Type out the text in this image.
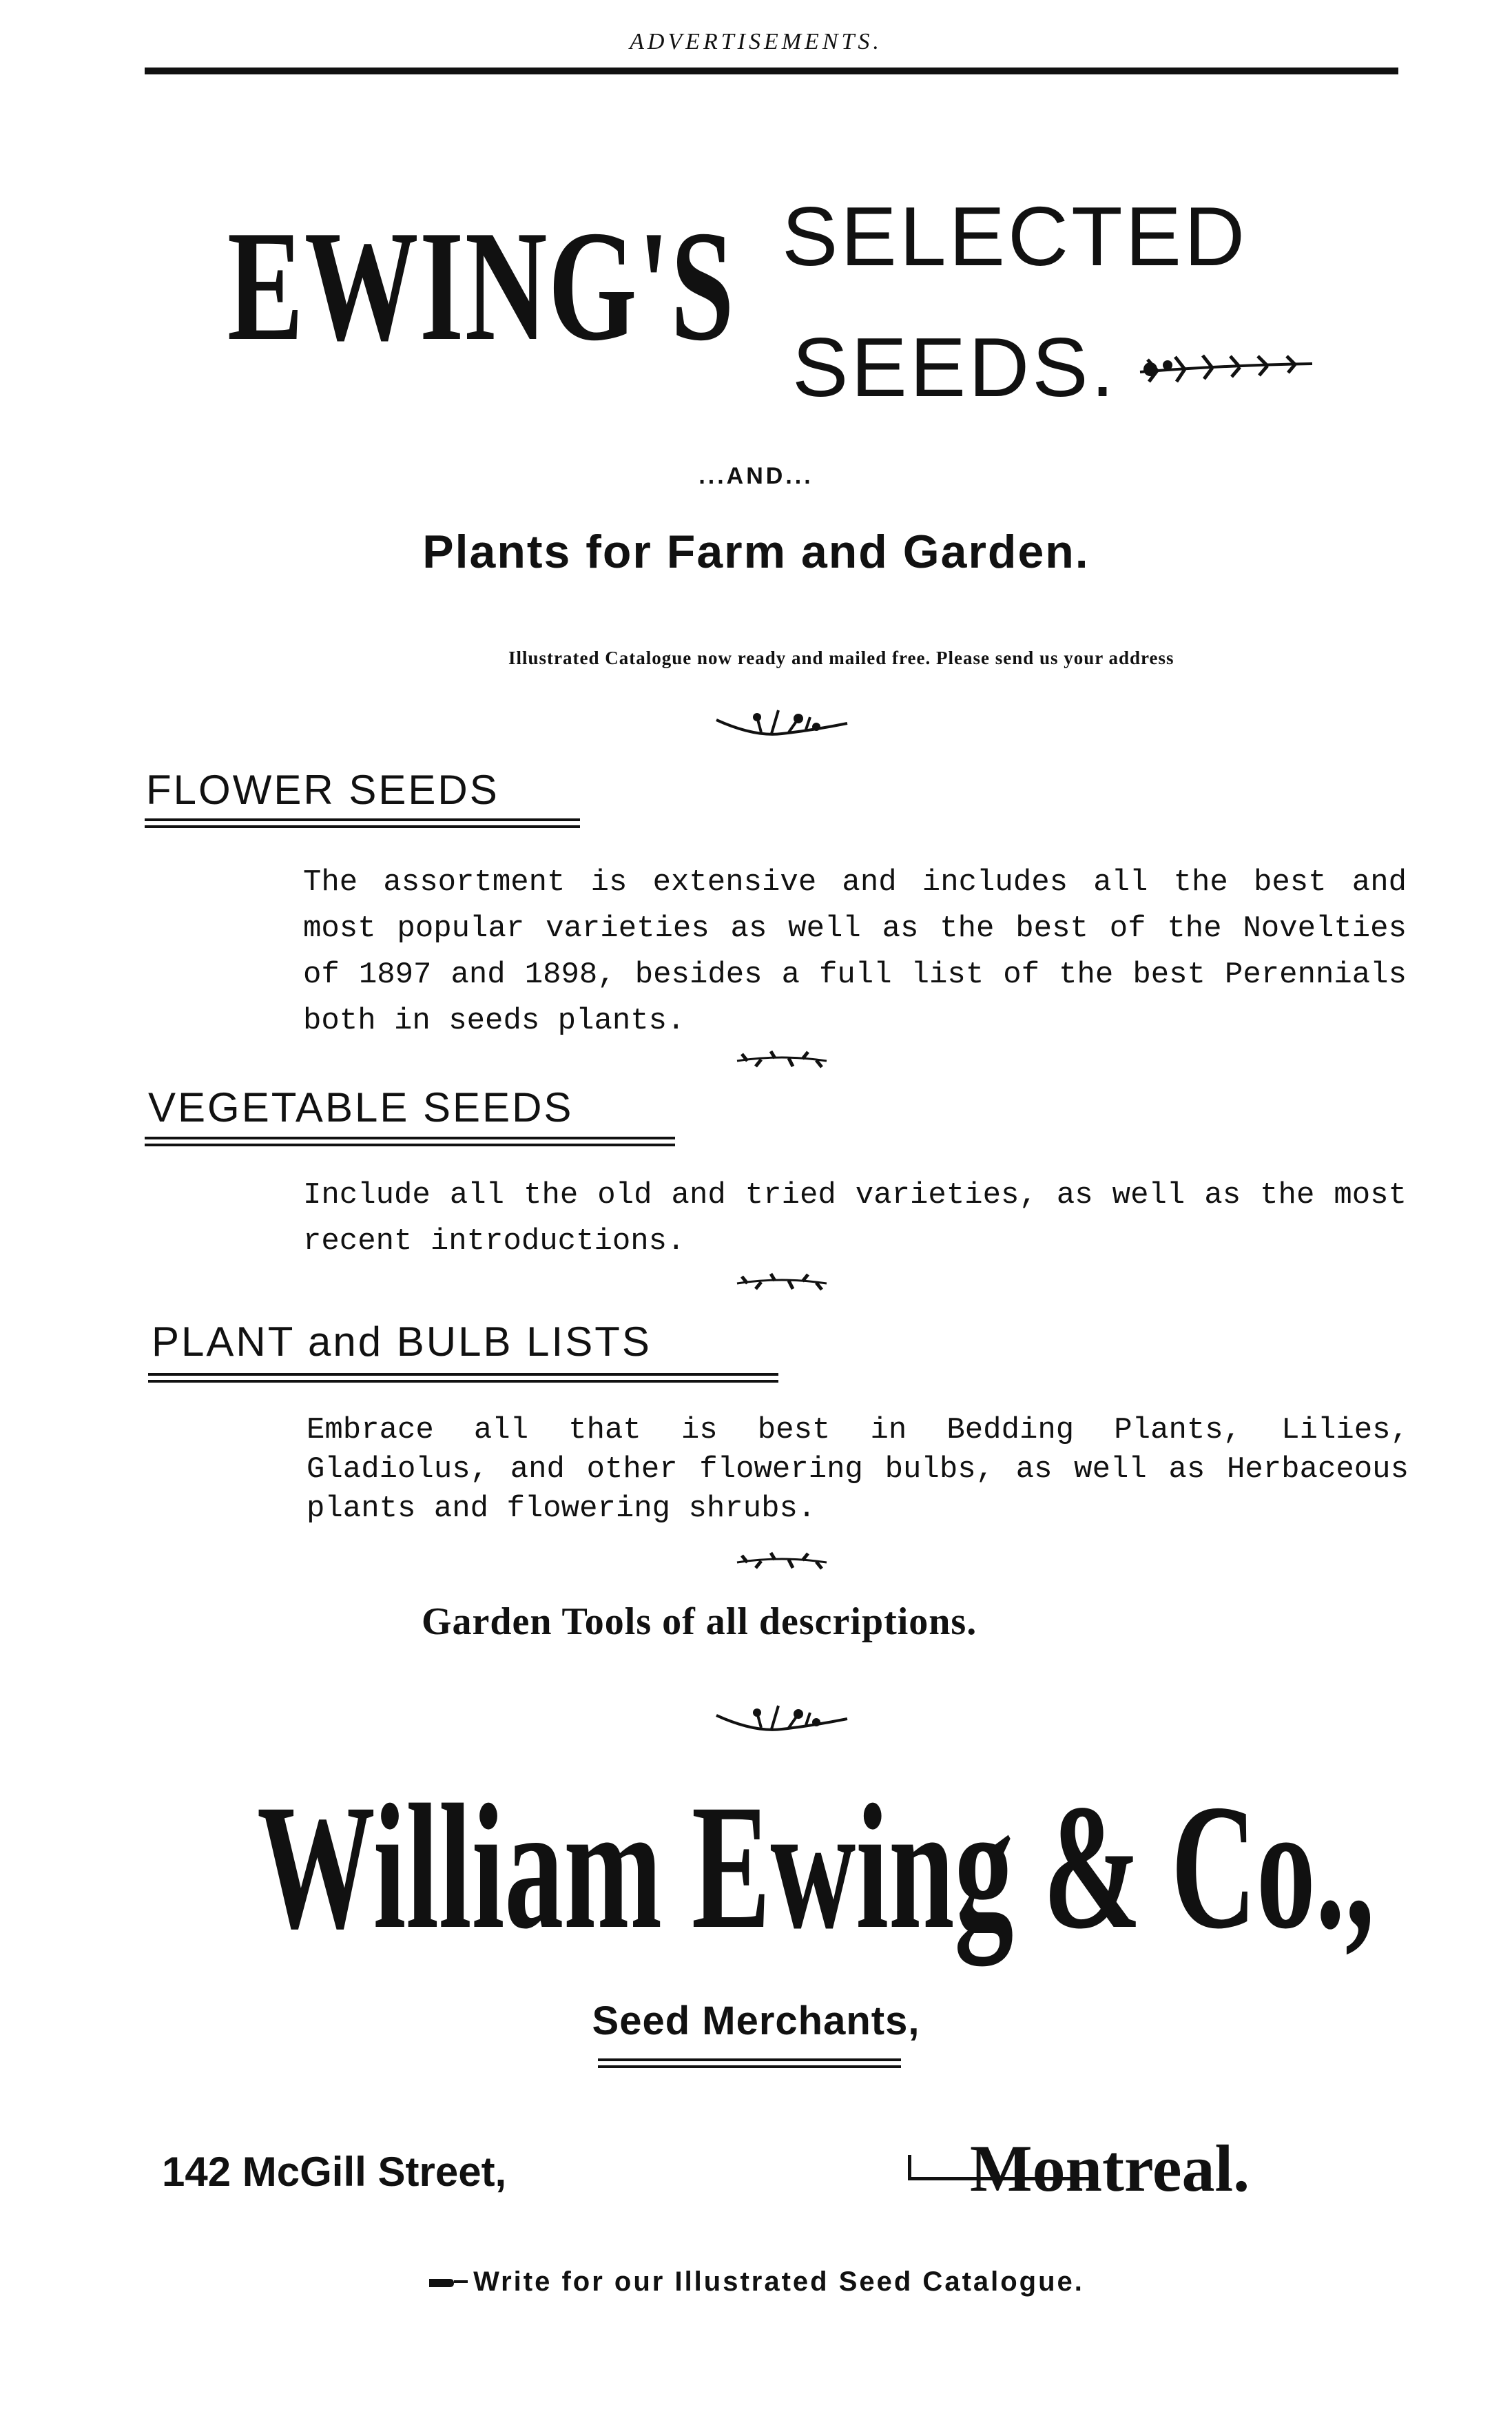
ADVERTISEMENTS.
EWING'S SELECTED
SEEDS.
...AND...
Plants for Farm and Garden.
Illustrated Catalogue now ready and mailed free. Please send us your address
FLOWER SEEDS
The assortment is extensive and includes all the best and most popular varieties as well as the best of the Novelties of 1897 and 1898, besides a full list of the best Perennials both in seeds plants.
VEGETABLE SEEDS
Include all the old and tried varieties, as well as the most recent introductions.
PLANT and BULB LISTS
Embrace all that is best in Bedding Plants, Lilies, Gladiolus, and other flowering bulbs, as well as Herbaceous plants and flowering shrubs.
Garden Tools of all descriptions.
William Ewing & Co.,
Seed Merchants,
142 McGill Street,	Montreal.
Write for our Illustrated Seed Catalogue.
